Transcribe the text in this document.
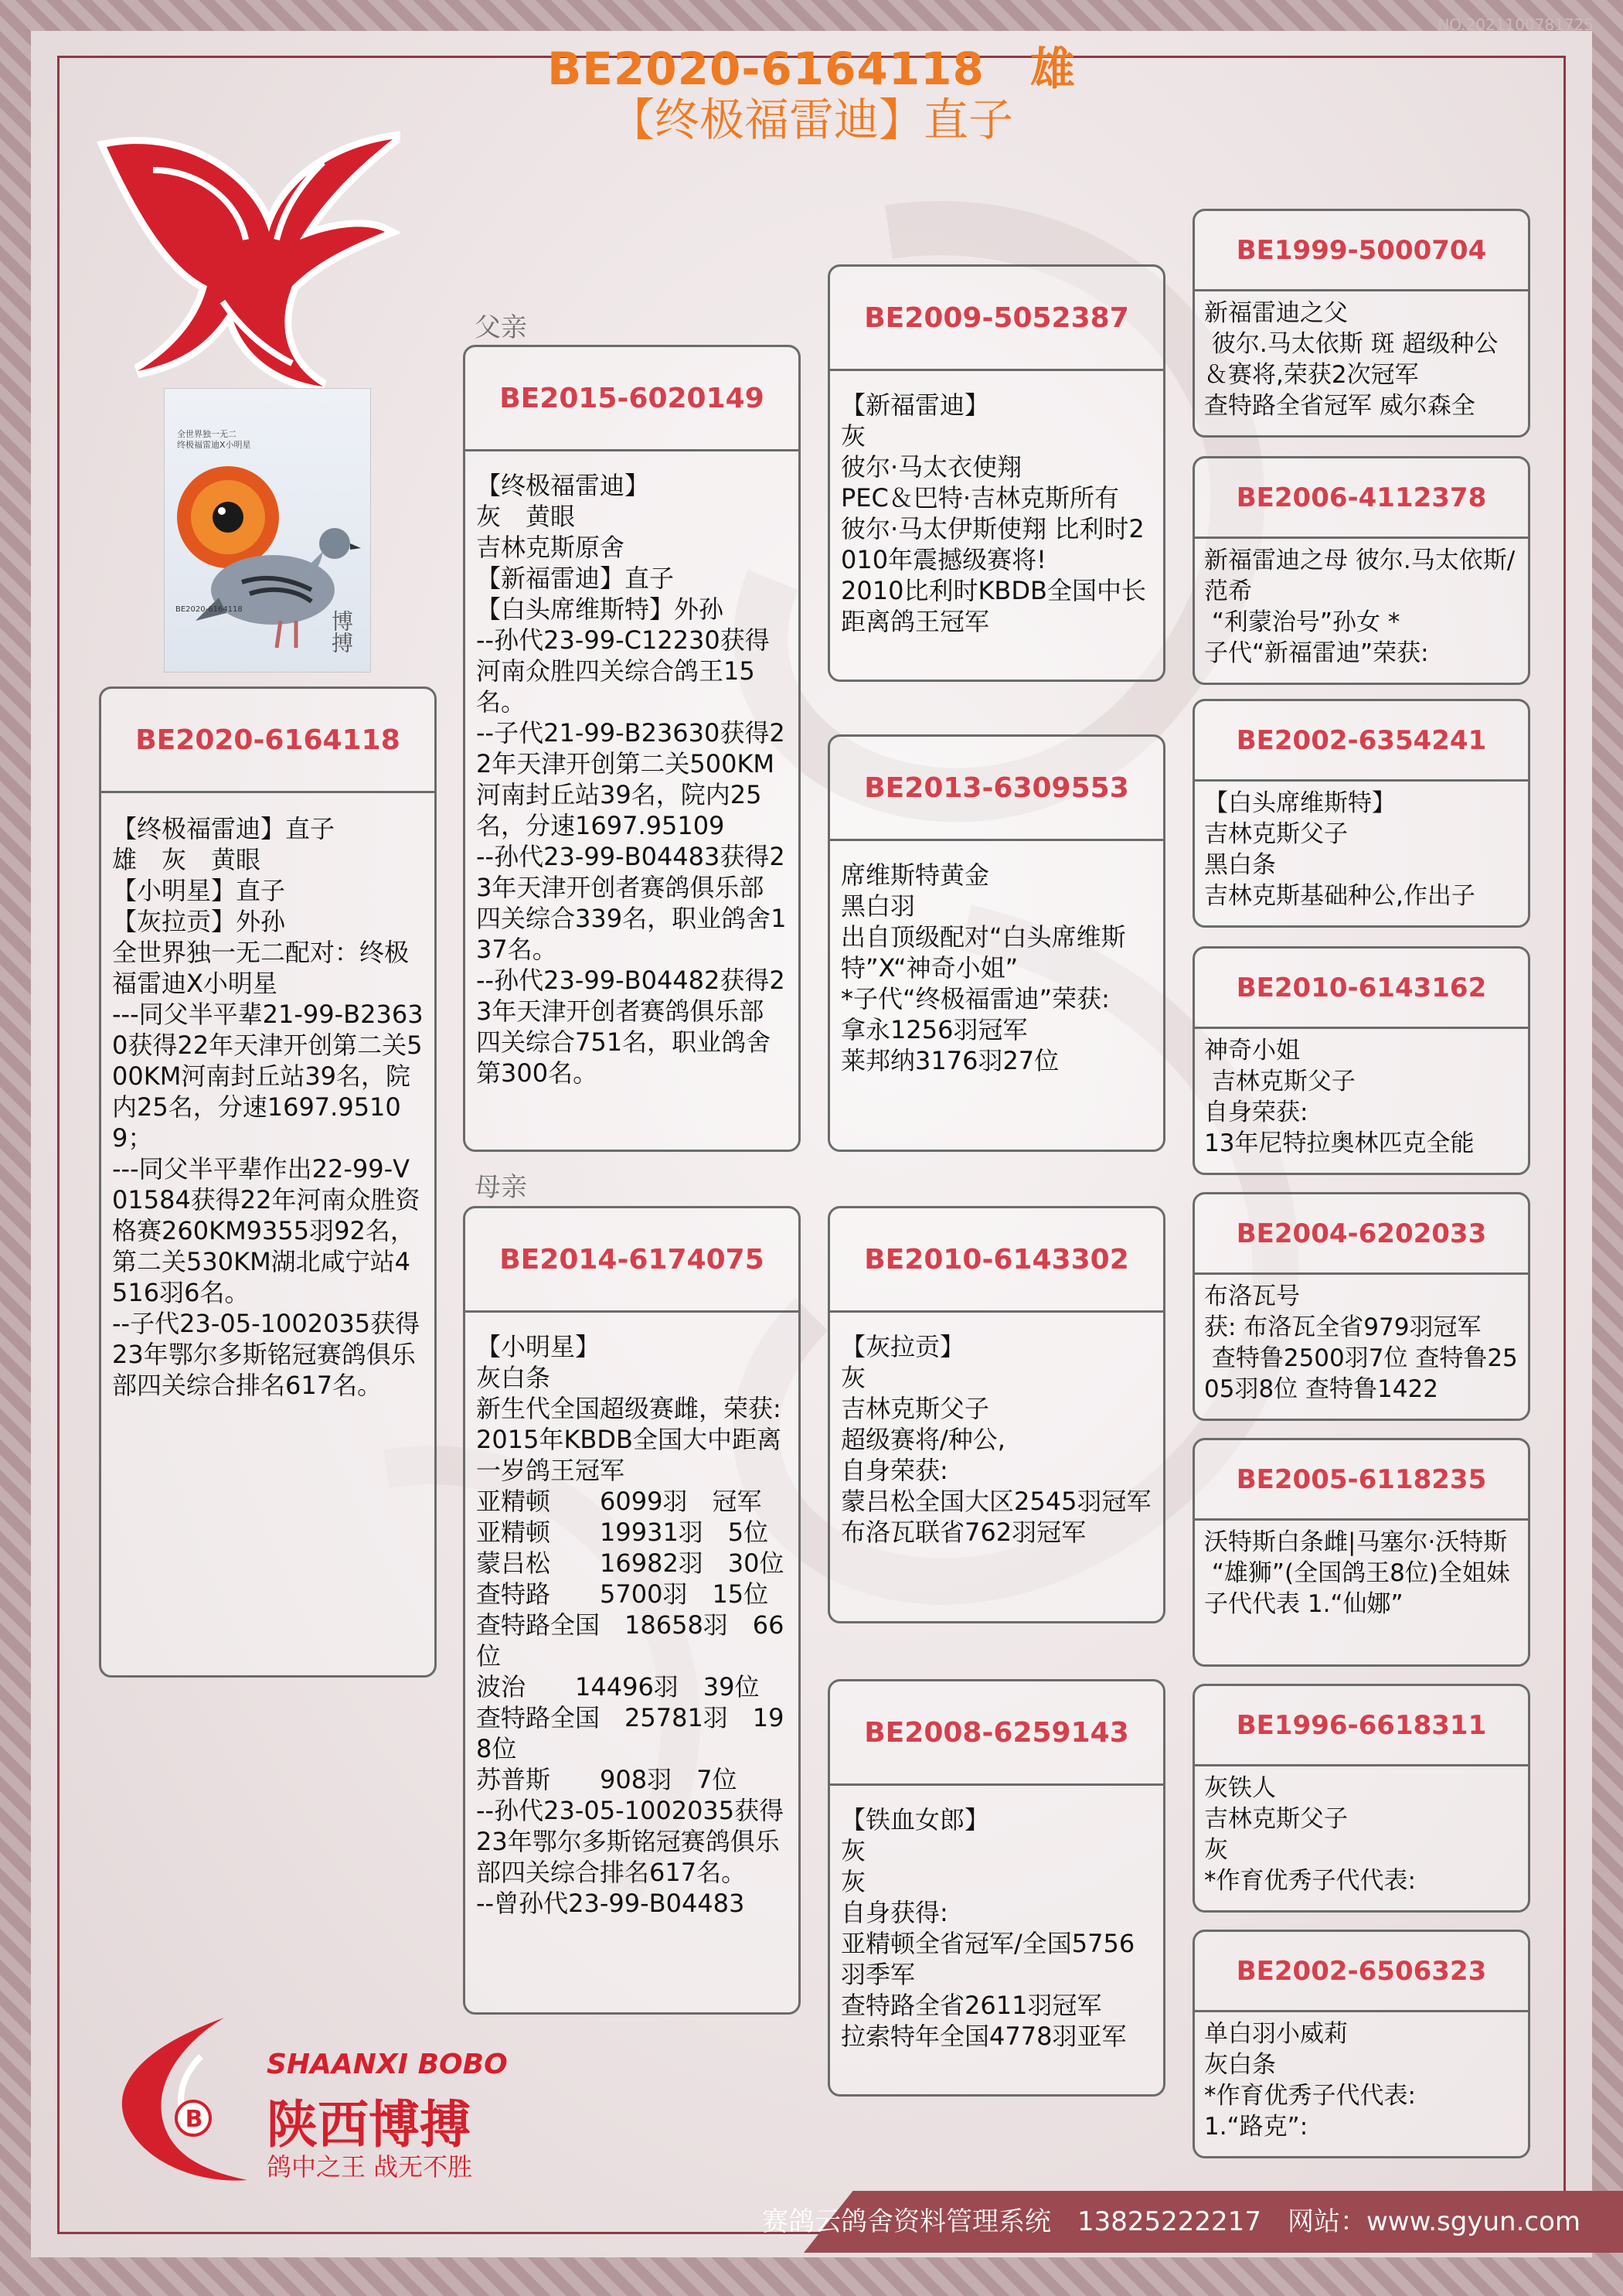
NO.2021100781725
BE2020-6164118　雄
【终极福雷迪】直子
全世界独一无二
终极福雷迪X小明星
BE2020-6164118
博搏
父亲
母亲
BE2020-6164118
【终极福雷迪】直子
雄　灰　黄眼
【小明星】直子
【灰拉贡】外孙
全世界独一无二配对：终极福雷迪X小明星
---同父半平辈21-99-B23630获得22年天津开创第二关500KM河南封丘站39名，院内25名，分速1697.95109；
---同父半平辈作出22-99-V01584获得22年河南众胜资格赛260KM9355羽92名，第二关530KM湖北咸宁站4516羽6名。
--子代23-05-1002035获得23年鄂尔多斯铭冠赛鸽俱乐部四关综合排名617名。
BE2015-6020149
【终极福雷迪】
灰　黄眼
吉林克斯原舍
【新福雷迪】直子
【白头席维斯特】外孙
--孙代23-99-C12230获得河南众胜四关综合鸽王15名。
--子代21-99-B23630获得22年天津开创第二关500KM河南封丘站39名，院内25名，分速1697.95109
--孙代23-99-B04483获得23年天津开创者赛鸽俱乐部四关综合339名，职业鸽舍137名。
--孙代23-99-B04482获得23年天津开创者赛鸽俱乐部四关综合751名，职业鸽舍第300名。
BE2014-6174075
【小明星】
灰白条
新生代全国超级赛雌，荣获:
2015年KBDB全国大中距离一岁鸽王冠军
亚精顿　　6099羽　冠军
亚精顿　　19931羽　5位
蒙吕松　　16982羽　30位
查特路　　5700羽　15位
查特路全国　18658羽　66位
波治　　14496羽　39位
查特路全国　25781羽　198位
苏普斯　　908羽　7位
--孙代23-05-1002035获得23年鄂尔多斯铭冠赛鸽俱乐部四关综合排名617名。
--曾孙代23-99-B04483
BE2009-5052387
【新福雷迪】
灰
彼尔·马太衣使翔
PEC＆巴特·吉林克斯所有
彼尔·马太伊斯使翔 比利时2010年震撼级赛将!
2010比利时KBDB全国中长距离鸽王冠军
BE2013-6309553
席维斯特黄金
黑白羽
出自顶级配对“白头席维斯特”X“神奇小姐”
*子代“终极福雷迪”荣获:
拿永1256羽冠军
莱邦纳3176羽27位
BE2010-6143302
【灰拉贡】
灰
吉林克斯父子
超级赛将/种公,
自身荣获:
蒙吕松全国大区2545羽冠军
布洛瓦联省762羽冠军
BE2008-6259143
【铁血女郎】
灰
灰
自身获得:
亚精顿全省冠军/全国5756羽季军
查特路全省2611羽冠军
拉索特年全国4778羽亚军
BE1999-5000704
新福雷迪之父
彼尔.马太依斯 斑 超级种公＆赛将,荣获2次冠军
查特路全省冠军 威尔森全
BE2006-4112378
新福雷迪之母 彼尔.马太依斯/范希
“利蒙治号”孙女 *
子代“新福雷迪”荣获:
BE2002-6354241
【白头席维斯特】
吉林克斯父子
黑白条
吉林克斯基础种公,作出子
BE2010-6143162
神奇小姐
吉林克斯父子
自身荣获:
13年尼特拉奥林匹克全能
BE2004-6202033
布洛瓦号
获: 布洛瓦全省979羽冠军
查特鲁2500羽7位 查特鲁2505羽8位 查特鲁1422
BE2005-6118235
沃特斯白条雌|马塞尔·沃特斯
“雄狮”(全国鸽王8位)全姐妹 子代代表 1.“仙娜”
BE1996-6618311
灰铁人
吉林克斯父子
灰
*作育优秀子代代表:
BE2002-6506323
单白羽小威莉
灰白条
*作育优秀子代代表:
1.“路克”:
B
SHAANXI BOBO
陕西博搏
鸽中之王 战无不胜
赛鸽云鸽舍资料管理系统　13825222217　网站：www.sgyun.com
